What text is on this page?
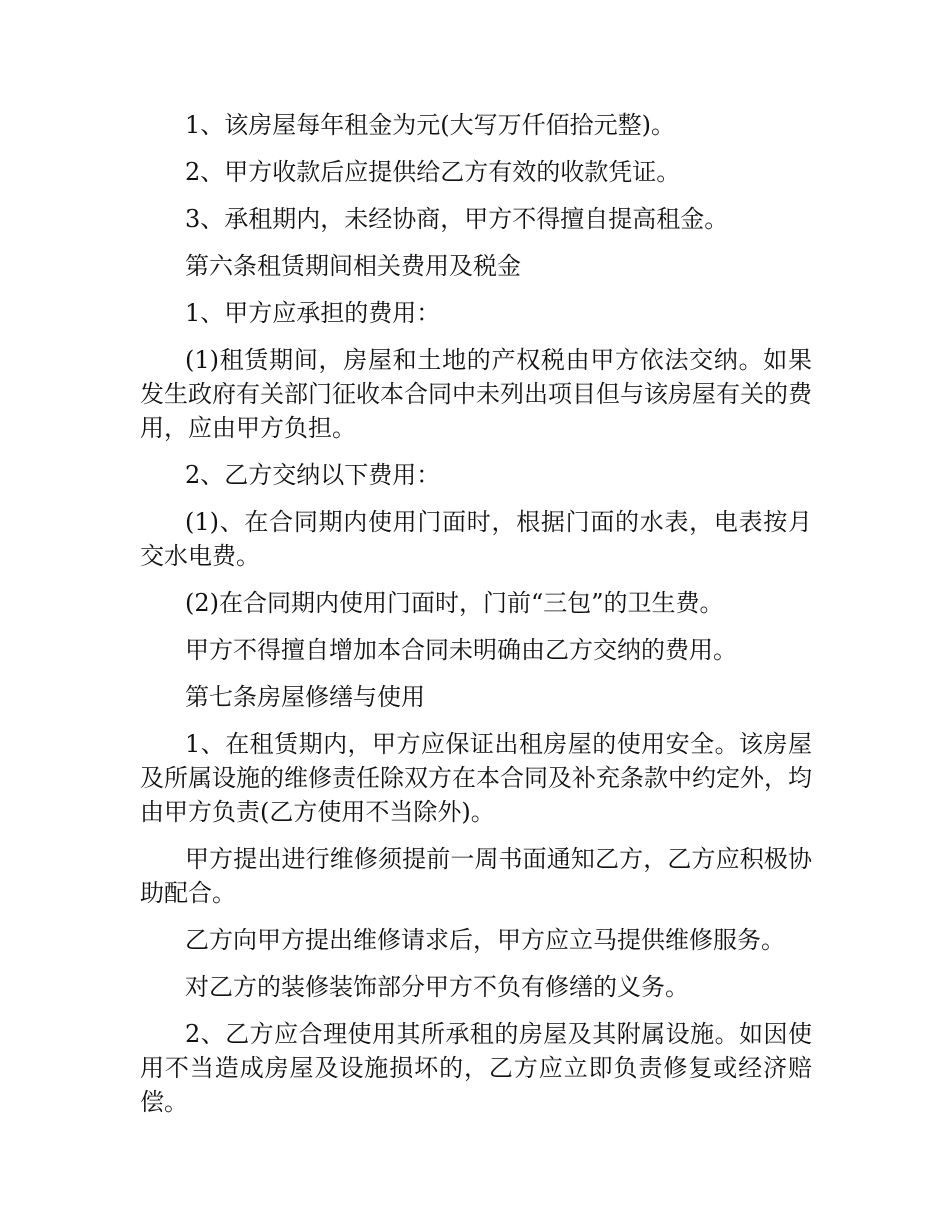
1、该房屋每年租金为元(大写万仟佰拾元整)。

2、甲方收款后应提供给乙方有效的收款凭证。

3、承租期内，未经协商，甲方不得擅自提高租金。

第六条租赁期间相关费用及税金

1、甲方应承担的费用：

(1)租赁期间，房屋和土地的产权税由甲方依法交纳。如果发生政府有关部门征收本合同中未列出项目但与该房屋有关的费用，应由甲方负担。

2、乙方交纳以下费用：

(1)、在合同期内使用门面时，根据门面的水表，电表按月交水电费。

(2)在合同期内使用门面时，门前“三包”的卫生费。

甲方不得擅自增加本合同未明确由乙方交纳的费用。

第七条房屋修缮与使用

1、在租赁期内，甲方应保证出租房屋的使用安全。该房屋及所属设施的维修责任除双方在本合同及补充条款中约定外，均由甲方负责(乙方使用不当除外)。

甲方提出进行维修须提前一周书面通知乙方，乙方应积极协助配合。

乙方向甲方提出维修请求后，甲方应立马提供维修服务。

对乙方的装修装饰部分甲方不负有修缮的义务。

2、乙方应合理使用其所承租的房屋及其附属设施。如因使用不当造成房屋及设施损坏的，乙方应立即负责修复或经济赔偿。
